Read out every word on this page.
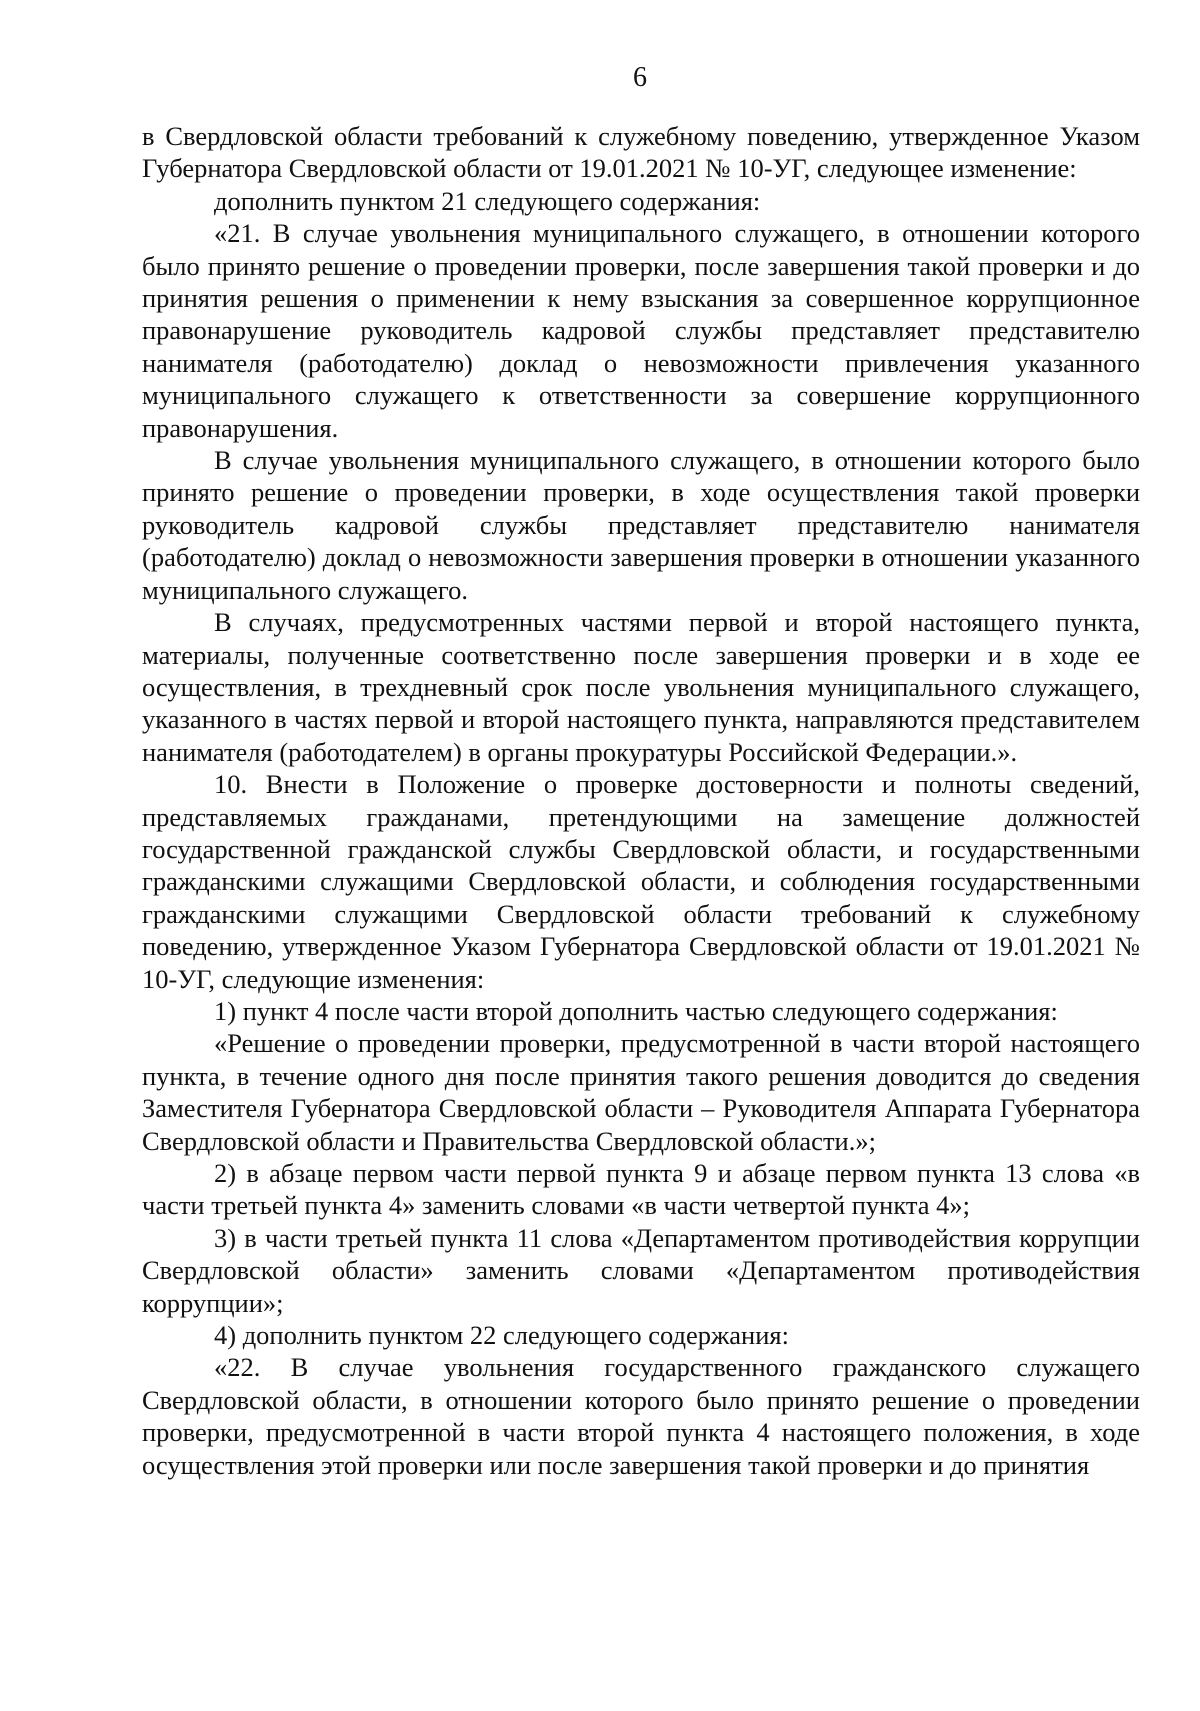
6

в Свердловской области требований к служебному поведению, утвержденное Указом Губернатора Свердловской области от 19.01.2021 № 10-УГ, следующее изменение:

дополнить пунктом 21 следующего содержания:

«21. В случае увольнения муниципального служащего, в отношении которого было принято решение о проведении проверки, после завершения такой проверки и до принятия решения о применении к нему взыскания за совершенное коррупционное правонарушение руководитель кадровой службы представляет представителю нанимателя (работодателю) доклад о невозможности привлечения указанного муниципального служащего к ответственности за совершение коррупционного правонарушения.

В случае увольнения муниципального служащего, в отношении которого было принято решение о проведении проверки, в ходе осуществления такой проверки руководитель кадровой службы представляет представителю нанимателя (работодателю) доклад о невозможности завершения проверки в отношении указанного муниципального служащего.

В случаях, предусмотренных частями первой и второй настоящего пункта, материалы, полученные соответственно после завершения проверки и в ходе ее осуществления, в трехдневный срок после увольнения муниципального служащего, указанного в частях первой и второй настоящего пункта, направляются представителем нанимателя (работодателем) в органы прокуратуры Российской Федерации.».

10. Внести в Положение о проверке достоверности и полноты сведений, представляемых гражданами, претендующими на замещение должностей государственной гражданской службы Свердловской области, и государственными гражданскими служащими Свердловской области, и соблюдения государственными гражданскими служащими Свердловской области требований к служебному поведению, утвержденное Указом Губернатора Свердловской области от 19.01.2021 № 10-УГ, следующие изменения:

1) пункт 4 после части второй дополнить частью следующего содержания:

«Решение о проведении проверки, предусмотренной в части второй настоящего пункта, в течение одного дня после принятия такого решения доводится до сведения Заместителя Губернатора Свердловской области – Руководителя Аппарата Губернатора Свердловской области и Правительства Свердловской области.»;

2) в абзаце первом части первой пункта 9 и абзаце первом пункта 13 слова «в части третьей пункта 4» заменить словами «в части четвертой пункта 4»;

3) в части третьей пункта 11 слова «Департаментом противодействия коррупции Свердловской области» заменить словами «Департаментом противодействия коррупции»;

4) дополнить пунктом 22 следующего содержания:

«22. В случае увольнения государственного гражданского служащего Свердловской области, в отношении которого было принято решение о проведении проверки, предусмотренной в части второй пункта 4 настоящего положения, в ходе осуществления этой проверки или после завершения такой проверки и до принятия
